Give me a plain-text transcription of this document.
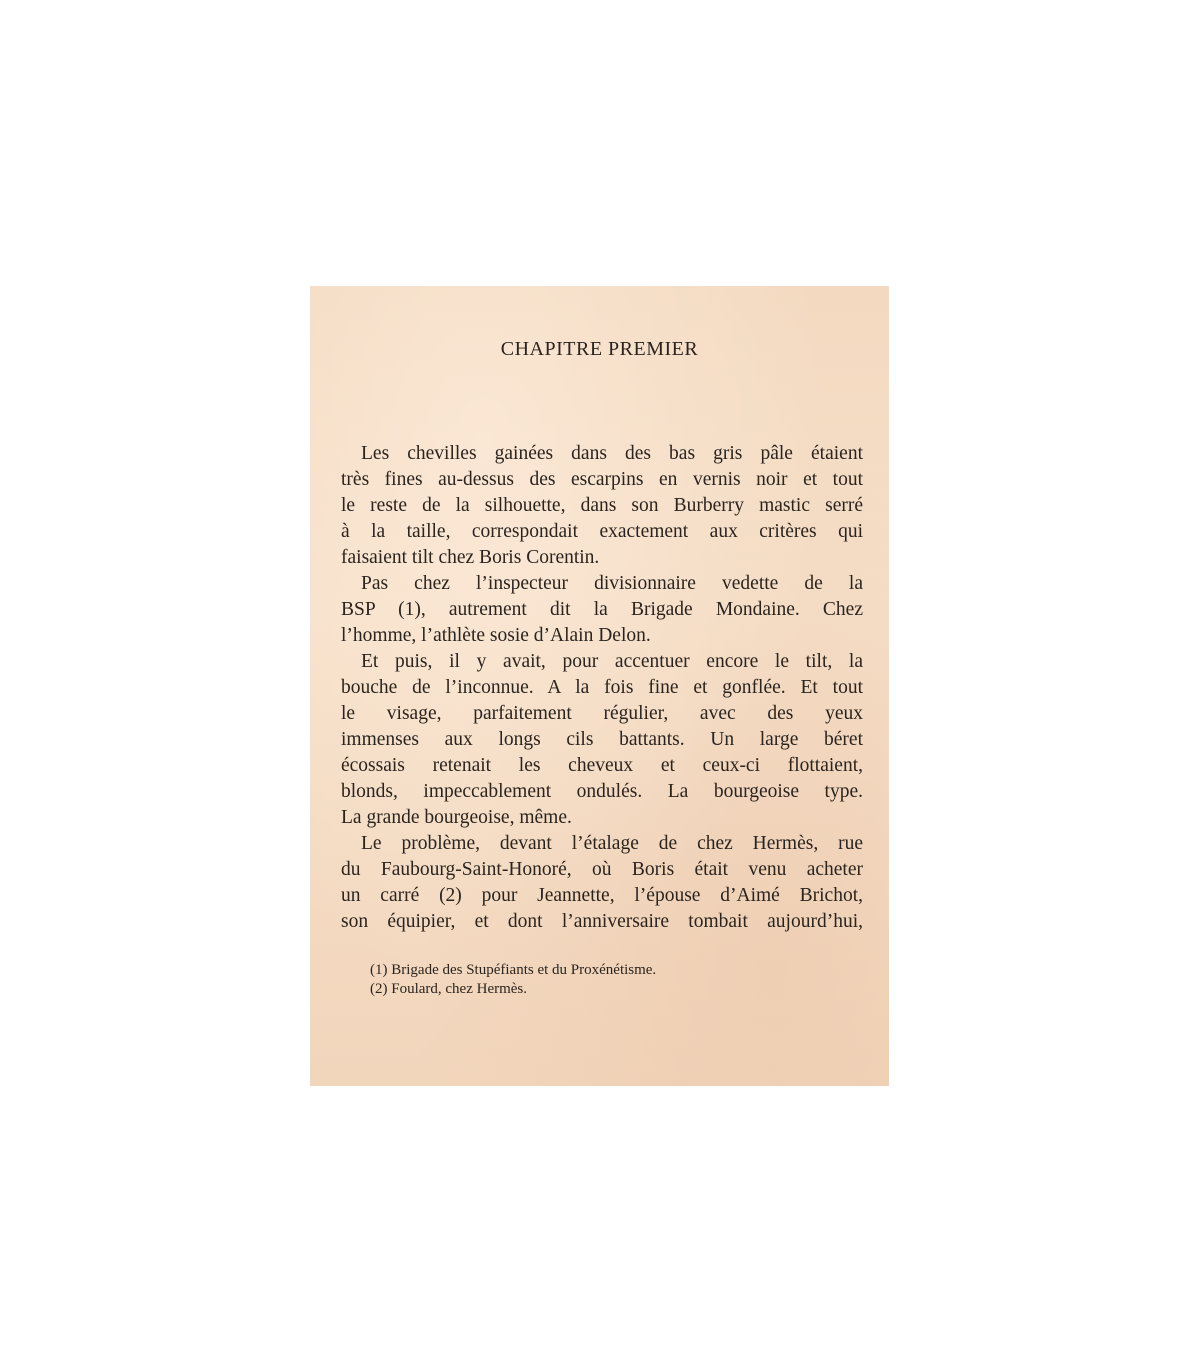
CHAPITRE PREMIER
Les chevilles gainées dans des bas gris pâle étaient
très fines au-dessus des escarpins en vernis noir et tout
le reste de la silhouette, dans son Burberry mastic serré
à la taille, correspondait exactement aux critères qui
faisaient tilt chez Boris Corentin.
Pas chez l’inspecteur divisionnaire vedette de la
BSP (1), autrement dit la Brigade Mondaine. Chez
l’homme, l’athlète sosie d’Alain Delon.
Et puis, il y avait, pour accentuer encore le tilt, la
bouche de l’inconnue. A la fois fine et gonflée. Et tout
le visage, parfaitement régulier, avec des yeux
immenses aux longs cils battants. Un large béret
écossais retenait les cheveux et ceux-ci flottaient,
blonds, impeccablement ondulés. La bourgeoise type.
La grande bourgeoise, même.
Le problème, devant l’étalage de chez Hermès, rue
du Faubourg-Saint-Honoré, où Boris était venu acheter
un carré (2) pour Jeannette, l’épouse d’Aimé Brichot,
son équipier, et dont l’anniversaire tombait aujourd’hui,
(1) Brigade des Stupéfiants et du Proxénétisme.
(2) Foulard, chez Hermès.
